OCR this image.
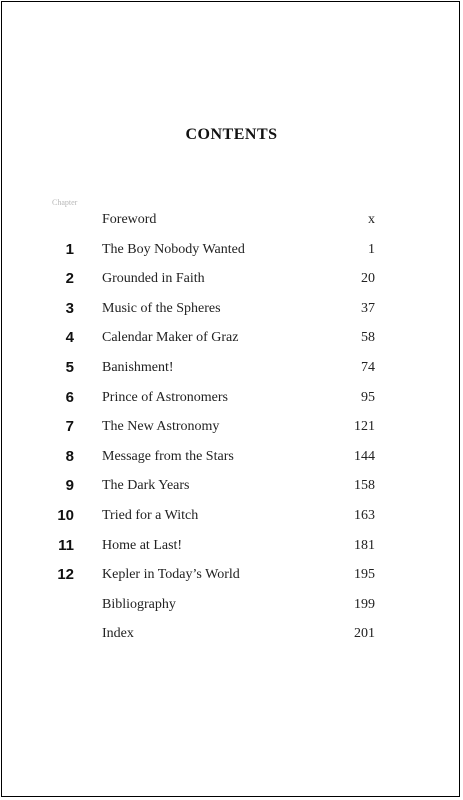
CONTENTS
Chapter
Foreword	x
1 The Boy Nobody Wanted	1
2 Grounded in Faith	20
3 Music of the Spheres	37
4 Calendar Maker of Graz	58
5 Banishment!	74
6 Prince of Astronomers	95
7 The New Astronomy	121
8 Message from the Stars	144
9 The Dark Years	158
10 Tried for a Witch	163
11 Home at Last!	181
12 Kepler in Today’s World	195
Bibliography	199
Index	201
